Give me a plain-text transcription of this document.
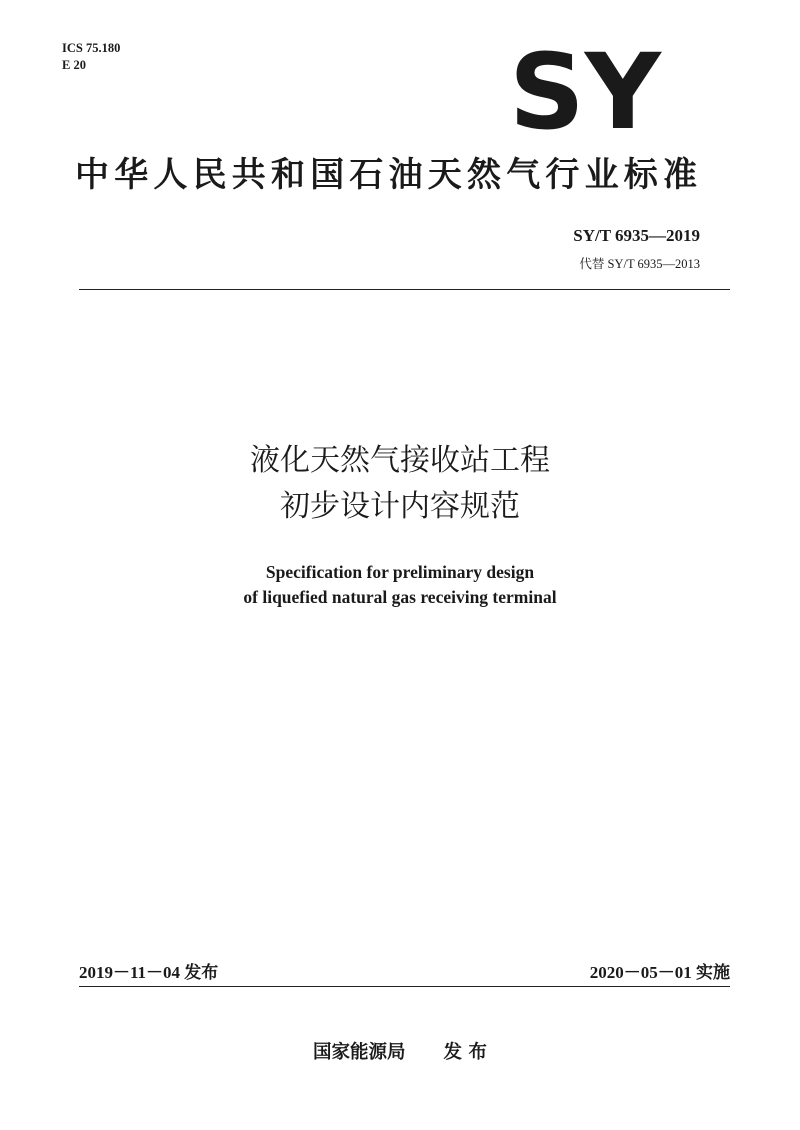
ICS 75.180
E 20	SY
中华人民共和国石油天然气行业标准
SY/T 6935—2019
代替 SY/T 6935—2013
液化天然气接收站工程
初步设计内容规范
Specification for preliminary design
of liquefied natural gas receiving terminal
2019－11－04 发布	2020－05－01 实施
国家能源局 发 布
